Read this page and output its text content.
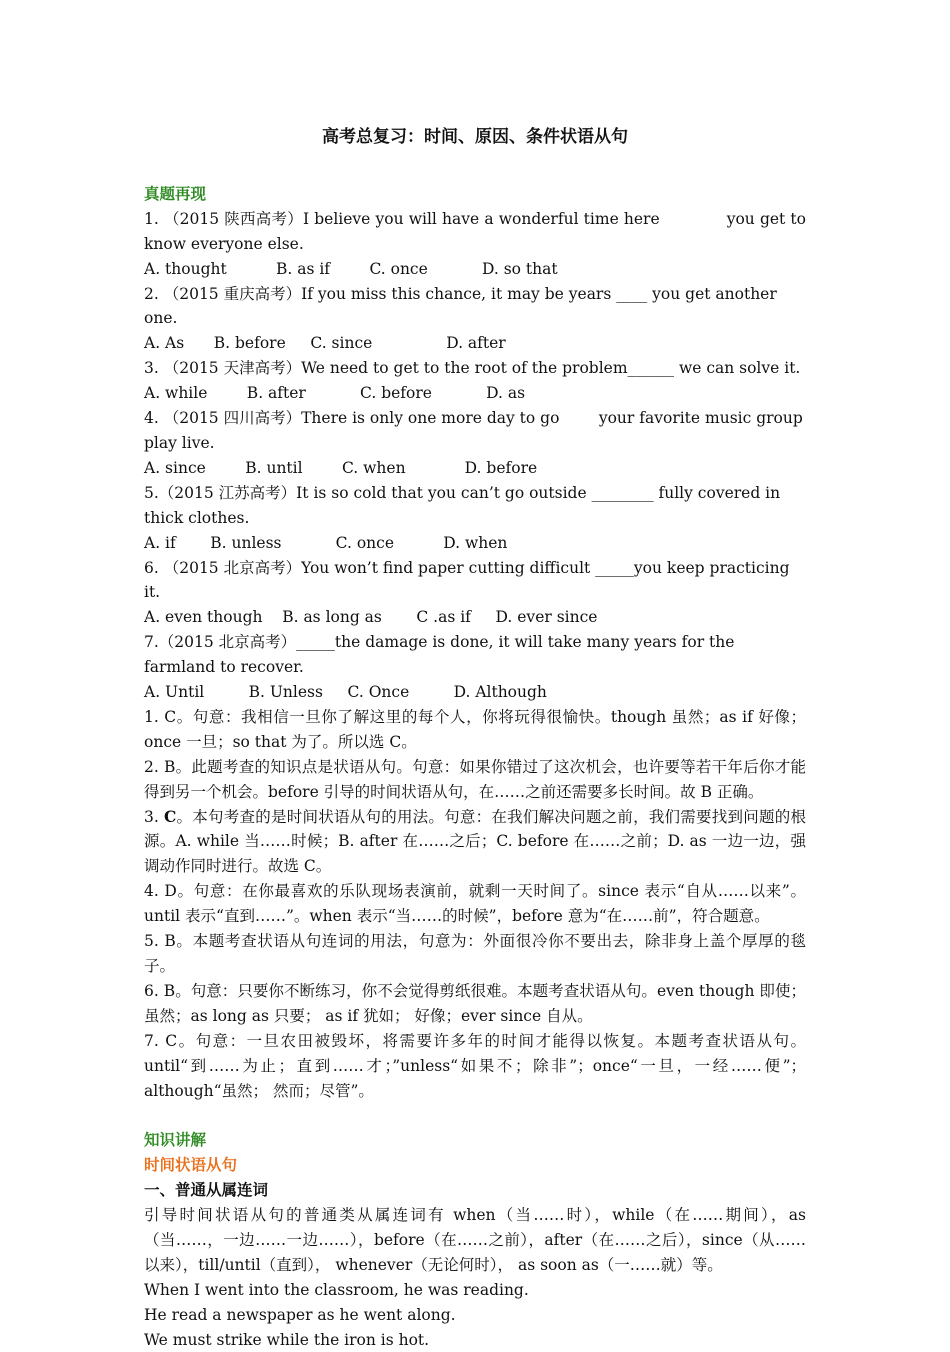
高考总复习：时间、原因、条件状语从句
真题再现

1. （2015 陕西高考）I believe you will have a wonderful time here             you get to know everyone else.

A. thought          B. as if        C. once           D. so that

2. （2015 重庆高考）If you miss this chance, it may be years ____ you get another one.

A. As      B. before     C. since               D. after

3. （2015 天津高考）We need to get to the root of the problem______ we can solve it.

A. while        B. after           C. before           D. as

4. （2015 四川高考）There is only one more day to go        your favorite music group play live.

A. since        B. until        C. when            D. before

5.（2015 江苏高考）It is so cold that you can’t go outside ________ fully covered in thick clothes.

A. if       B. unless           C. once          D. when

6. （2015 北京高考）You won’t find paper cutting difficult _____you keep practicing it.

A. even though    B. as long as       C .as if     D. ever since

7.（2015 北京高考）_____the damage is done, it will take many years for the farmland to recover.

A. Until         B. Unless     C. Once         D. Although

1. C。句意：我相信一旦你了解这里的每个人，你将玩得很愉快。though 虽然；as if 好像；once 一旦；so that 为了。所以选 C。

2. B。此题考查的知识点是状语从句。句意：如果你错过了这次机会，也许要等若干年后你才能得到另一个机会。before 引导的时间状语从句，在……之前还需要多长时间。故 B 正确。

3. C。本句考查的是时间状语从句的用法。句意：在我们解决问题之前，我们需要找到问题的根源。A. while 当……时候；B. after 在……之后；C. before 在……之前；D. as 一边一边，强调动作同时进行。故选 C。

4. D。句意：在你最喜欢的乐队现场表演前，就剩一天时间了。since 表示“自从……以来”。until 表示“直到……”。when 表示“当……的时候”，before 意为“在……前”，符合题意。

5. B。本题考查状语从句连词的用法，句意为：外面很冷你不要出去，除非身上盖个厚厚的毯子。

6. B。句意：只要你不断练习，你不会觉得剪纸很难。本题考查状语从句。even though 即使；虽然；as long as 只要； as if 犹如； 好像；ever since 自从。

7. C。句意：一旦农田被毁坏，将需要许多年的时间才能得以恢复。本题考查状语从句。until“到……为止；直到……才；”unless“如果不；除非”；once“一旦，一经……便”；although“虽然； 然而；尽管”。

知识讲解
时间状语从句
一、普通从属连词

引导时间状语从句的普通类从属连词有 when（当……时），while（在……期间），as（当……，一边……一边……），before（在……之前），after（在……之后），since（从……以来），till/until（直到）， whenever（无论何时）， as soon as（一……就）等。

When I went into the classroom, he was reading.

He read a newspaper as he went along.

We must strike while the iron is hot.
